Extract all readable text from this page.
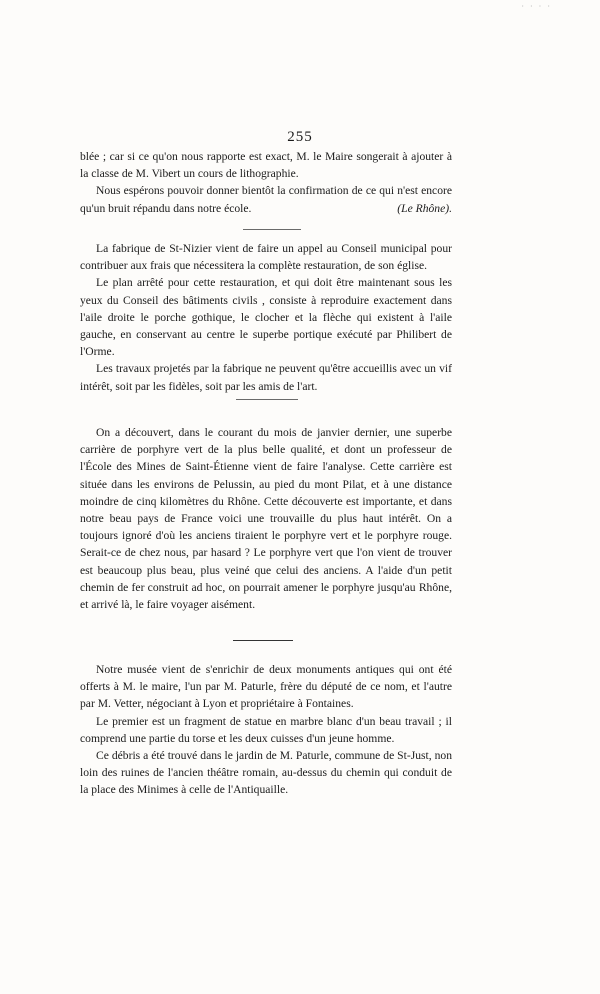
· · · ·
255

blée ; car si ce qu'on nous rapporte est exact, M. le Maire songerait à ajouter à la classe de M. Vibert un cours de lithographie.

Nous espérons pouvoir donner bientôt la confirmation de ce qui n'est encore qu'un bruit répandu dans notre école.	(Le Rhône).

La fabrique de St-Nizier vient de faire un appel au Conseil municipal pour contribuer aux frais que nécessitera la complète restauration, de son église.

Le plan arrêté pour cette restauration, et qui doit être maintenant sous les yeux du Conseil des bâtiments civils , consiste à reproduire exactement dans l'aile droite le porche gothique, le clocher et la flèche qui existent à l'aile gauche, en conservant au centre le superbe portique exécuté par Philibert de l'Orme.

Les travaux projetés par la fabrique ne peuvent qu'être accueillis avec un vif intérêt, soit par les fidèles, soit par les amis de l'art.

On a découvert, dans le courant du mois de janvier dernier, une superbe carrière de porphyre vert de la plus belle qualité, et dont un professeur de l'École des Mines de Saint-Étienne vient de faire l'analyse. Cette carrière est située dans les environs de Pelussin, au pied du mont Pilat, et à une distance moindre de cinq kilomètres du Rhône. Cette découverte est importante, et dans notre beau pays de France voici une trouvaille du plus haut intérêt. On a toujours ignoré d'où les anciens tiraient le porphyre vert et le porphyre rouge. Serait-ce de chez nous, par hasard ? Le porphyre vert que l'on vient de trouver est beaucoup plus beau, plus veiné que celui des anciens. A l'aide d'un petit chemin de fer construit ad hoc, on pourrait amener le porphyre jusqu'au Rhône, et arrivé là, le faire voyager aisément.

Notre musée vient de s'enrichir de deux monuments antiques qui ont été offerts à M. le maire, l'un par M. Paturle, frère du député de ce nom, et l'autre par M. Vetter, négociant à Lyon et propriétaire à Fontaines.

Le premier est un fragment de statue en marbre blanc d'un beau travail ; il comprend une partie du torse et les deux cuisses d'un jeune homme.

Ce débris a été trouvé dans le jardin de M. Paturle, commune de St-Just, non loin des ruines de l'ancien théâtre romain, au-dessus du chemin qui conduit de la place des Minimes à celle de l'Antiquaille.
